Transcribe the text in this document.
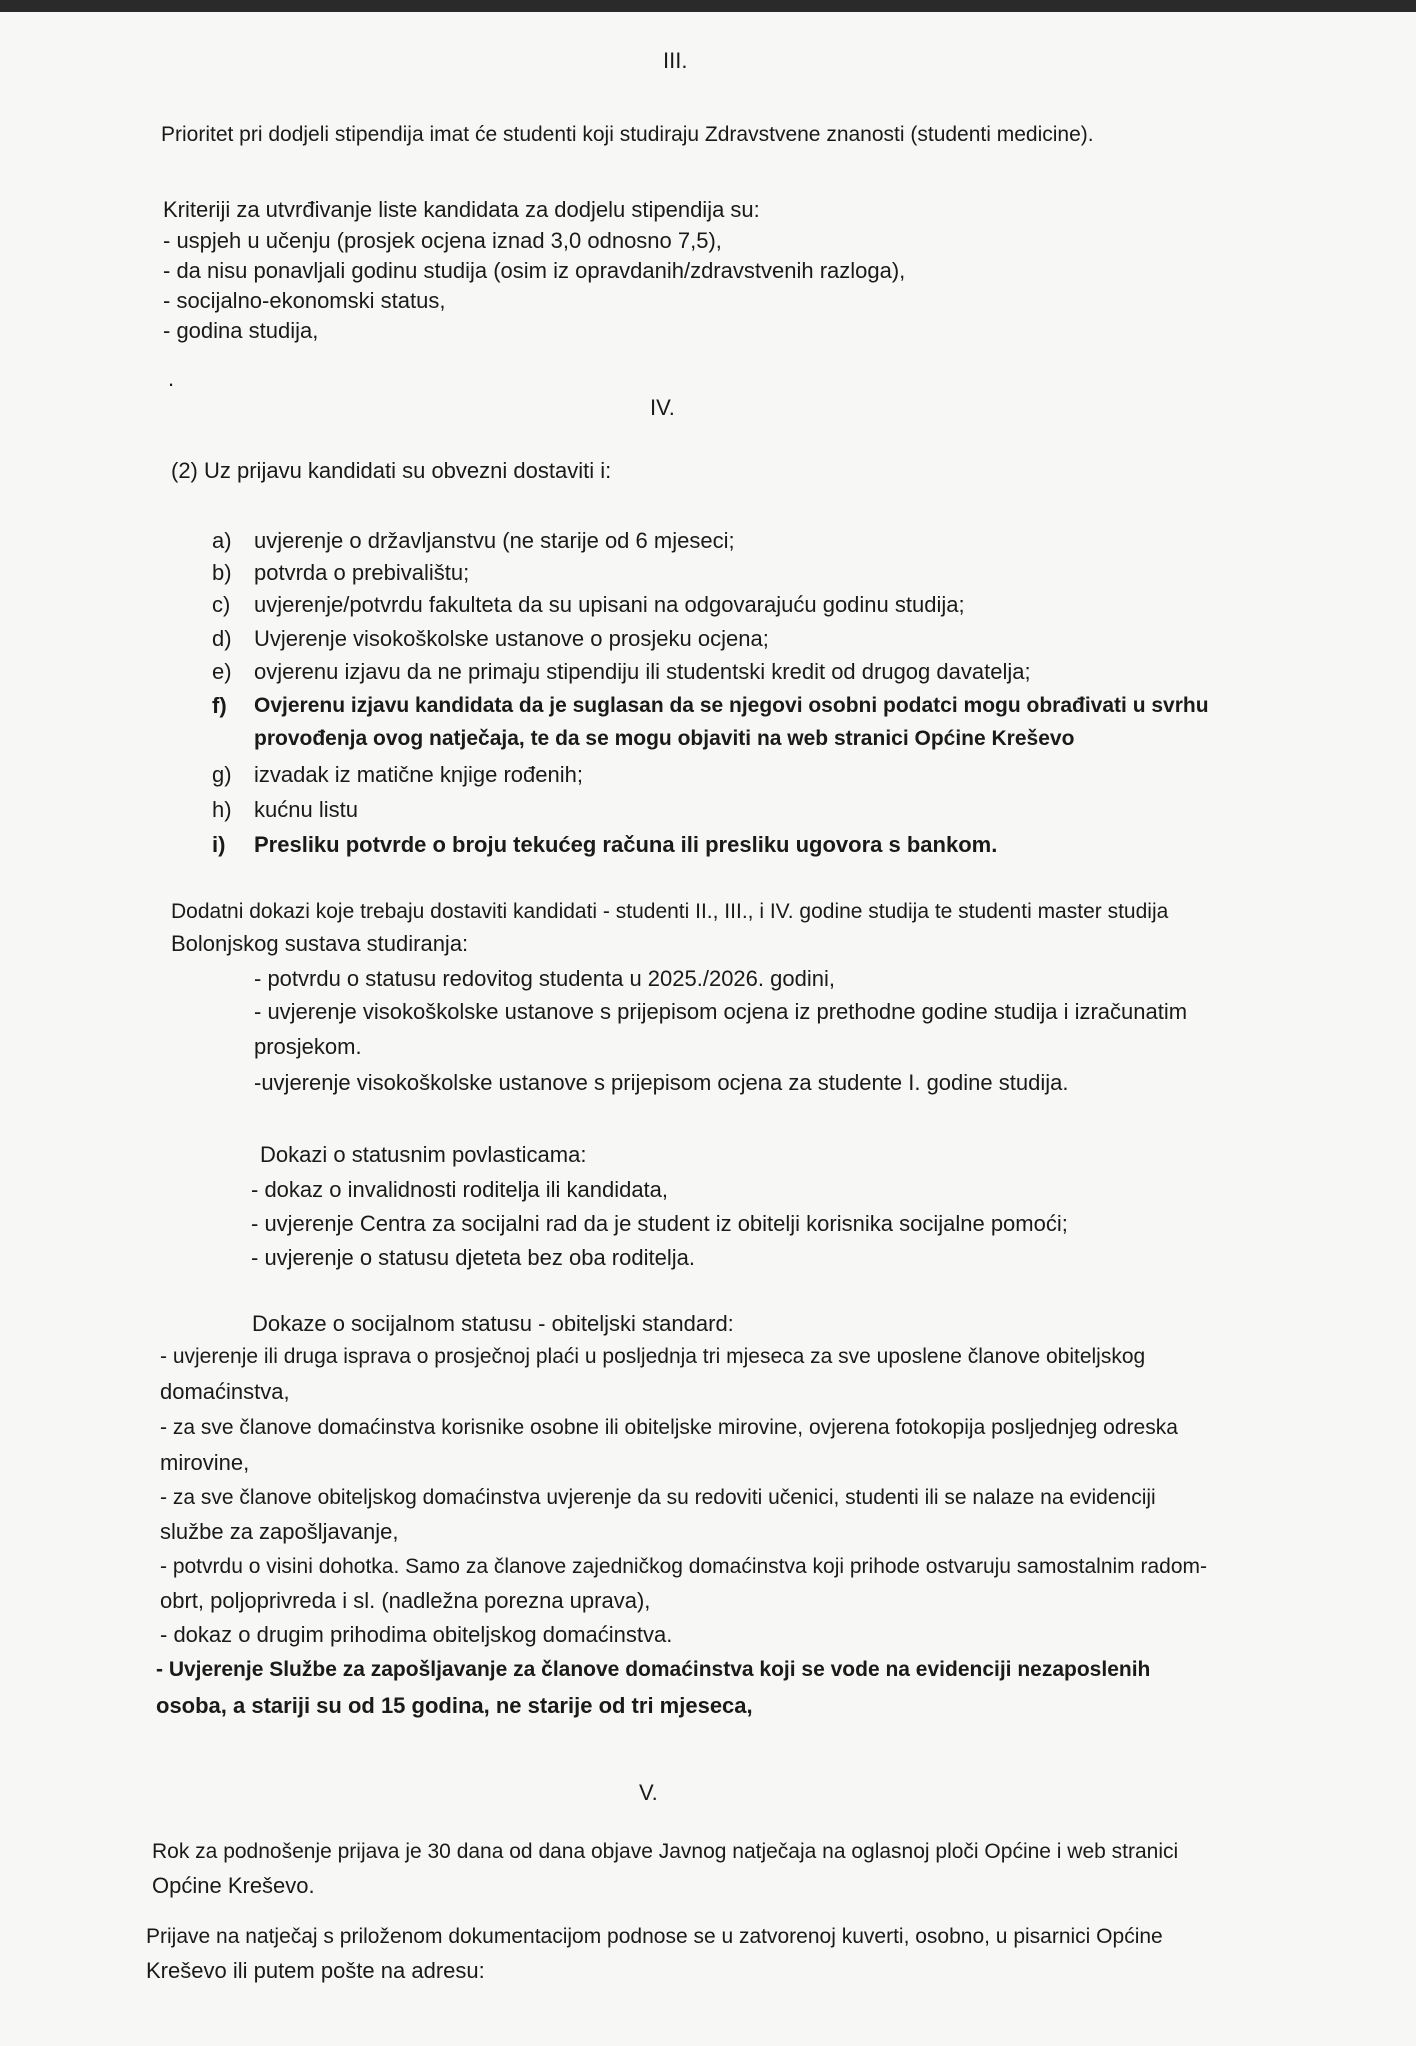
III.
Prioritet pri dodjeli stipendija imat će studenti koji studiraju Zdravstvene znanosti (studenti medicine).
Kriteriji za utvrđivanje liste kandidata za dodjelu stipendija su:
- uspjeh u učenju (prosjek ocjena iznad 3,0 odnosno 7,5),
- da nisu ponavljali godinu studija (osim iz opravdanih/zdravstvenih razloga),
- socijalno-ekonomski status,
- godina studija,
.
IV.
(2) Uz prijavu kandidati su obvezni dostaviti i:
a) uvjerenje o državljanstvu (ne starije od 6 mjeseci;
b) potvrda o prebivalištu;
c) uvjerenje/potvrdu fakulteta da su upisani na odgovarajuću godinu studija;
d) Uvjerenje visokoškolske ustanove o prosjeku ocjena;
e) ovjerenu izjavu da ne primaju stipendiju ili studentski kredit od drugog davatelja;
f) Ovjerenu izjavu kandidata da je suglasan da se njegovi osobni podatci mogu obrađivati u svrhu
provođenja ovog natječaja, te da se mogu objaviti na web stranici Općine Kreševo
g) izvadak iz matične knjige rođenih;
h) kućnu listu
i) Presliku potvrde o broju tekućeg računa ili presliku ugovora s bankom.
Dodatni dokazi koje trebaju dostaviti kandidati - studenti II., III., i IV. godine studija te studenti master studija
Bolonjskog sustava studiranja:
- potvrdu o statusu redovitog studenta u 2025./2026. godini,
- uvjerenje visokoškolske ustanove s prijepisom ocjena iz prethodne godine studija i izračunatim
prosjekom.
-uvjerenje visokoškolske ustanove s prijepisom ocjena za studente I. godine studija.
Dokazi o statusnim povlasticama:
- dokaz o invalidnosti roditelja ili kandidata,
- uvjerenje Centra za socijalni rad da je student iz obitelji korisnika socijalne pomoći;
- uvjerenje o statusu djeteta bez oba roditelja.
Dokaze o socijalnom statusu - obiteljski standard:
- uvjerenje ili druga isprava o prosječnoj plaći u posljednja tri mjeseca za sve uposlene članove obiteljskog
domaćinstva,
- za sve članove domaćinstva korisnike osobne ili obiteljske mirovine, ovjerena fotokopija posljednjeg odreska
mirovine,
- za sve članove obiteljskog domaćinstva uvjerenje da su redoviti učenici, studenti ili se nalaze na evidenciji
službe za zapošljavanje,
- potvrdu o visini dohotka. Samo za članove zajedničkog domaćinstva koji prihode ostvaruju samostalnim radom-
obrt, poljoprivreda i sl. (nadležna porezna uprava),
- dokaz o drugim prihodima obiteljskog domaćinstva.
- Uvjerenje Službe za zapošljavanje za članove domaćinstva koji se vode na evidenciji nezaposlenih
osoba, a stariji su od 15 godina, ne starije od tri mjeseca,
V.
Rok za podnošenje prijava je 30 dana od dana objave Javnog natječaja na oglasnoj ploči Općine i web stranici
Općine Kreševo.
Prijave na natječaj s priloženom dokumentacijom podnose se u zatvorenoj kuverti, osobno, u pisarnici Općine
Kreševo ili putem pošte na adresu:
